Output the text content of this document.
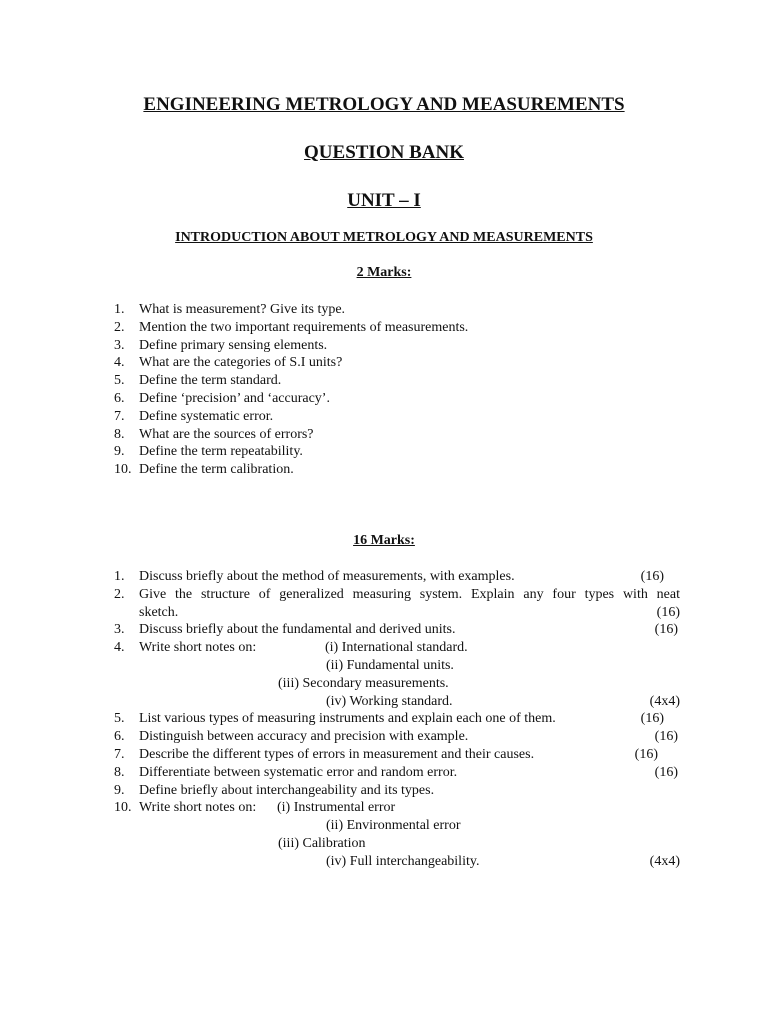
ENGINEERING METROLOGY AND MEASUREMENTS
QUESTION BANK
UNIT – I
INTRODUCTION ABOUT METROLOGY AND MEASUREMENTS
2 Marks:
1. What is measurement? Give its type.
2. Mention the two important requirements of measurements.
3. Define primary sensing elements.
4. What are the categories of S.I units?
5. Define the term standard.
6. Define ‘precision’ and ‘accuracy’.
7. Define systematic error.
8. What are the sources of errors?
9. Define the term repeatability.
10. Define the term calibration.
16 Marks:
1. Discuss briefly about the method of measurements, with examples.	(16)
2. Give the structure of generalized measuring system. Explain any four types with neat
sketch.	(16)
3. Discuss briefly about the fundamental and derived units.	(16)
4. Write short notes on:	(i) International standard.
(ii) Fundamental units.
(iii) Secondary measurements.
(iv) Working standard.	(4x4)
5. List various types of measuring instruments and explain each one of them.	(16)
6. Distinguish between accuracy and precision with example.	(16)
7. Describe the different types of errors in measurement and their causes.	(16)
8. Differentiate between systematic error and random error.	(16)
9. Define briefly about interchangeability and its types.
10. Write short notes on: (i) Instrumental error
(ii) Environmental error
(iii) Calibration
(iv) Full interchangeability.	(4x4)
